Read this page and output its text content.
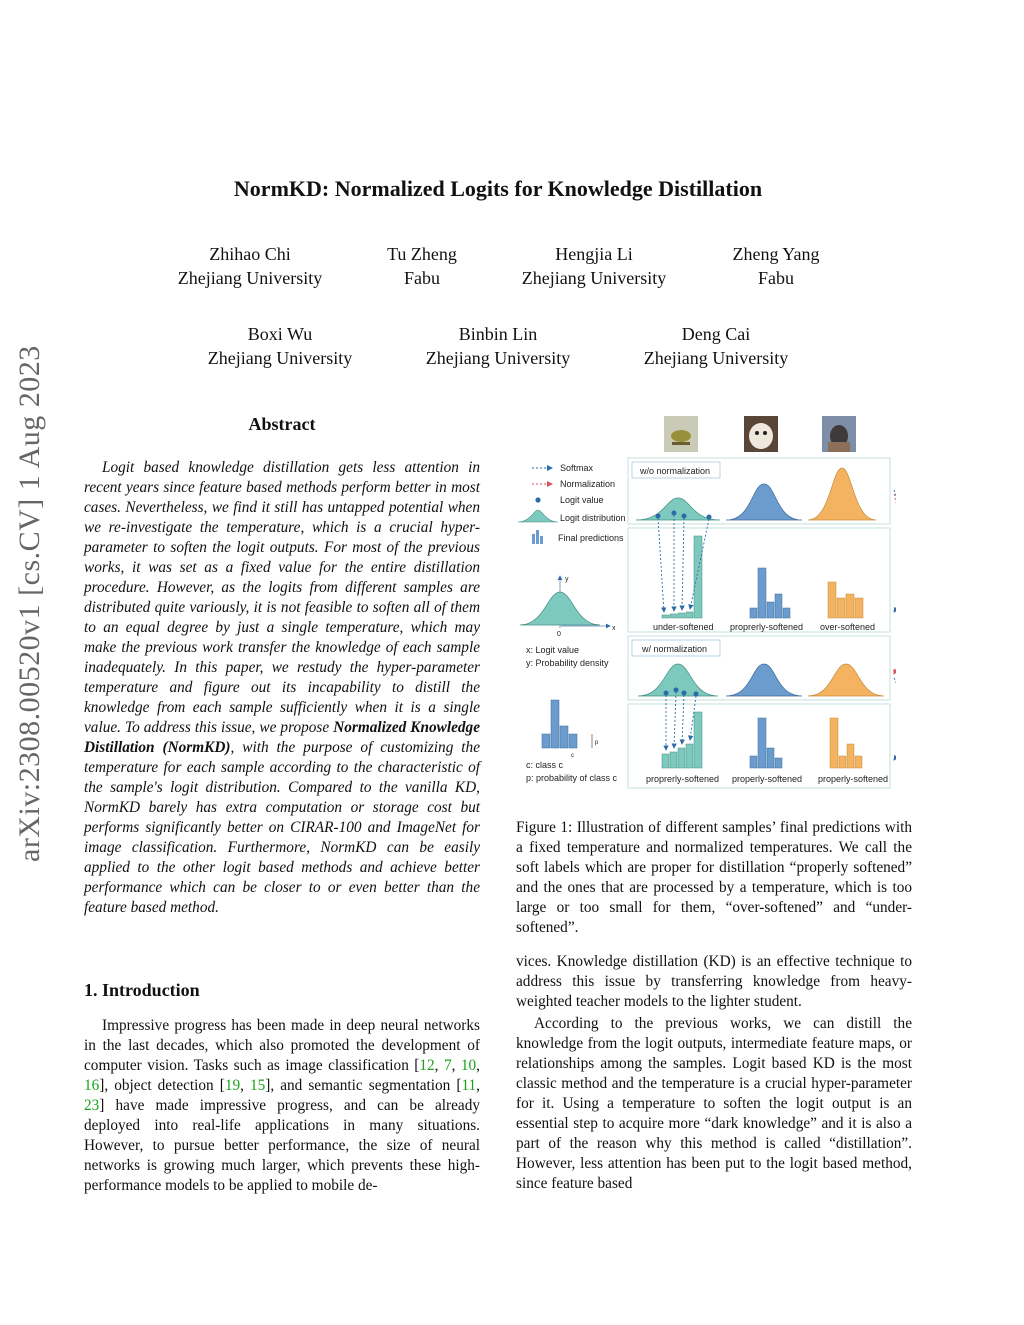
arXiv:2308.00520v1 [cs.CV] 1 Aug 2023
NormKD: Normalized Logits for Knowledge Distillation
Zhihao Chi
Zhejiang University
Tu Zheng
Fabu
Hengjia Li
Zhejiang University
Zheng Yang
Fabu
Boxi Wu
Zhejiang University
Binbin Lin
Zhejiang University
Deng Cai
Zhejiang University
Abstract
Logit based knowledge distillation gets less attention in recent years since feature based methods perform better in most cases. Nevertheless, we find it still has untapped potential when we re-investigate the temperature, which is a crucial hyper-parameter to soften the logit outputs. For most of the previous works, it was set as a fixed value for the entire distillation procedure. However, as the logits from different samples are distributed quite variously, it is not feasible to soften all of them to an equal degree by just a single temperature, which may make the previous work transfer the knowledge of each sample inadequately. In this paper, we restudy the hyper-parameter temperature and figure out its incapability to distill the knowledge from each sample sufficiently when it is a single value. To address this issue, we propose Normalized Knowledge Distillation (NormKD), with the purpose of customizing the temperature for each sample according to the characteristic of the sample's logit distribution. Compared to the vanilla KD, NormKD barely has extra computation or storage cost but performs significantly better on CIRAR-100 and ImageNet for image classification. Furthermore, NormKD can be easily applied to the other logit based methods and achieve better performance which can be closer to or even better than the feature based method.
1. Introduction
Impressive progress has been made in deep neural networks in the last decades, which also promoted the development of computer vision. Tasks such as image classification [12, 7, 10, 16], object detection [19, 15], and semantic segmentation [11, 23] have made impressive progress, and can be already deployed into real-life applications in many situations. However, to pursue better performance, the size of neural networks is growing much larger, which prevents these high-performance models to be applied to mobile de-
vices. Knowledge distillation (KD) is an effective technique to address this issue by transferring knowledge from heavy-weighted teacher models to the lighter student.
According to the previous works, we can distill the knowledge from the logit outputs, intermediate feature maps, or relationships among the samples. Logit based KD is the most classic method and the temperature is a crucial hyper-parameter for it. Using a temperature to soften the logit output is an essential step to acquire more “dark knowledge” and it is also a part of the reason why this method is called “distillation”. However, less attention has been put to the logit based method, since feature based
Figure 1: Illustration of different samples’ final predictions with a fixed temperature and normalized temperatures. We call the soft labels which are proper for distillation “properly softened” and the ones that are processed by a temperature, which is too large or too small for them, “over-softened” and “under-softened”.
Softmax
Normalization
Logit value
Logit distribution
Final predictions
y
x
0
x: Logit value
y: Probability density
p
c
c: class c
p: probability of class c
w/o normalization
under-softened proprerly-softened over-softened
w/ normalization
proprerly-softened properly-softened properly-softened
